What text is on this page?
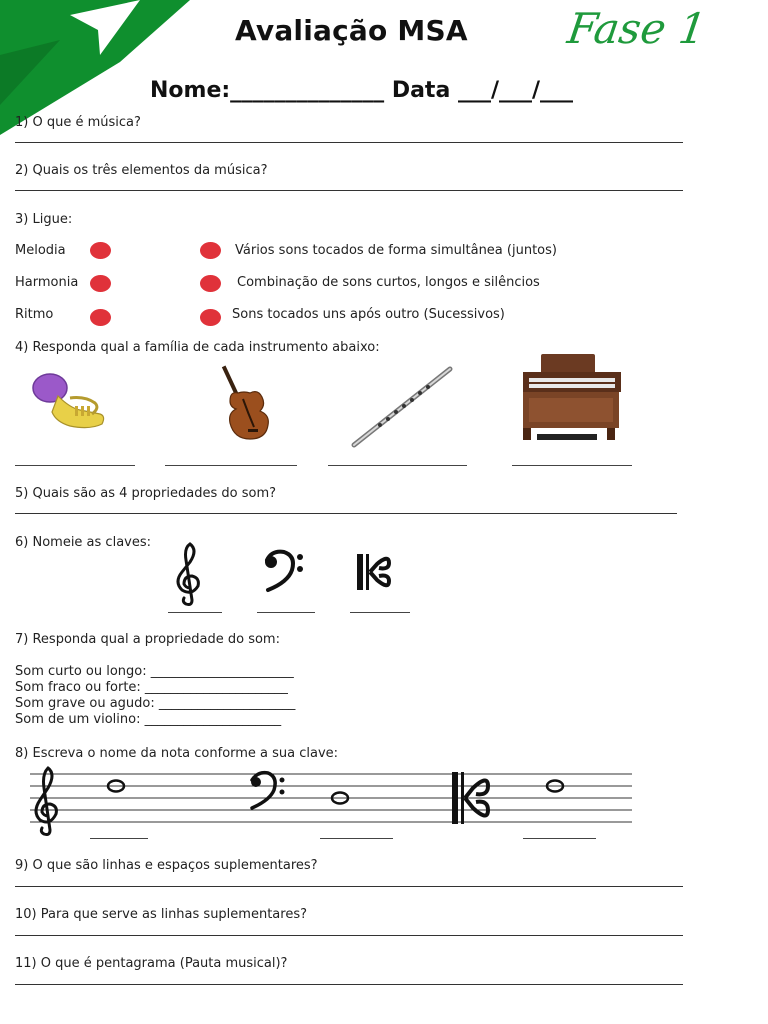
Avaliação MSA Fase 1
Nome:______________ Data ___/___/___
1) O que é música?
2) Quais os três elementos da música?
3) Ligue:
Melodia	Vários sons tocados de forma simultânea (juntos)
Harmonia	Combinação de sons curtos, longos e silêncios
Ritmo	Sons tocados uns após outro (Sucessivos)
4) Responda qual a família de cada instrumento abaixo:
5) Quais são as 4 propriedades do som?
6) Nomeie as claves:
7) Responda qual a propriedade do som:
Som curto ou longo: ______________________
Som fraco ou forte: ______________________
Som grave ou agudo: _____________________
Som de um violino: _____________________
8) Escreva o nome da nota conforme a sua clave:
9) O que são linhas e espaços suplementares?
10) Para que serve as linhas suplementares?
11) O que é pentagrama (Pauta musical)?
